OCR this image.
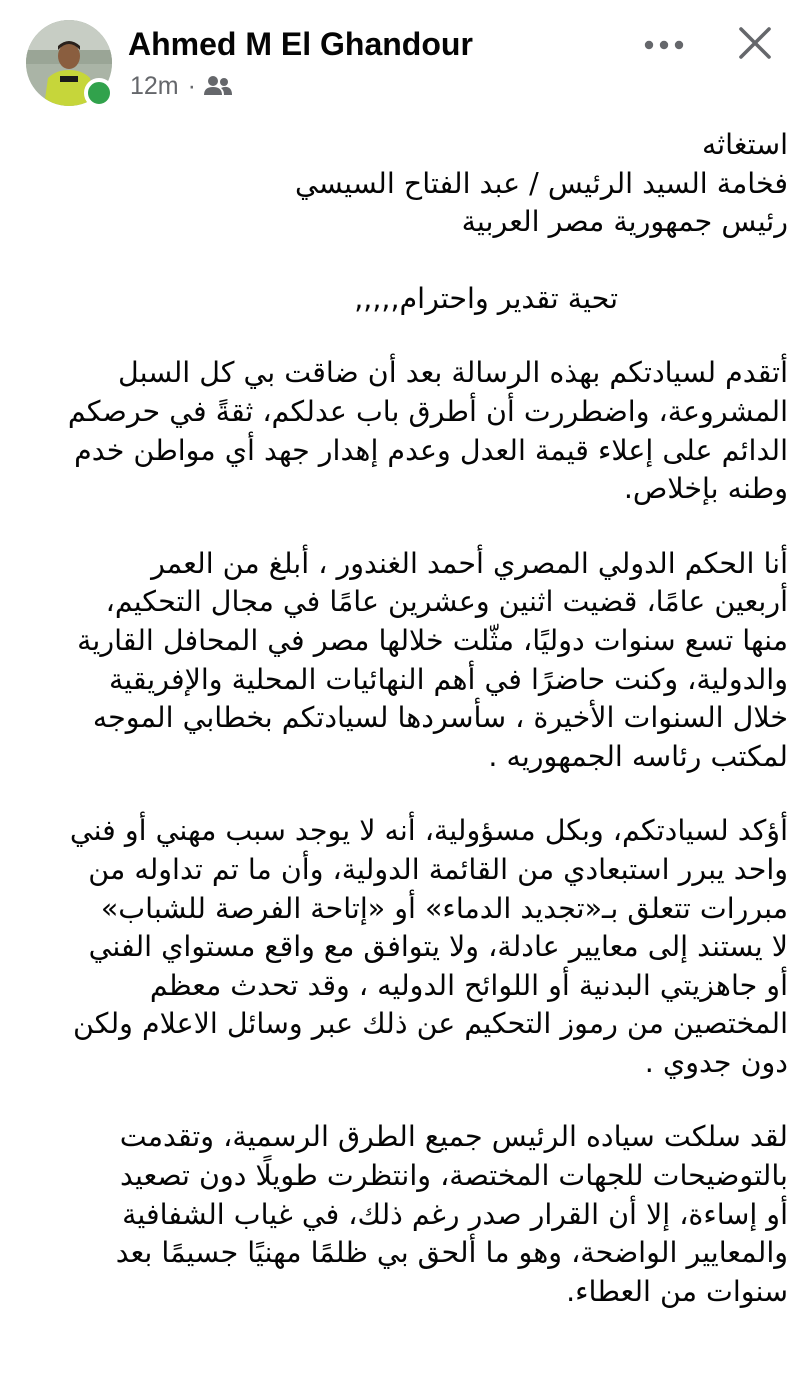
Ahmed M El Ghandour
12m ·

استغاثه
فخامة السيد الرئيس / عبد الفتاح السيسي
رئيس جمهورية مصر العربية

تحية تقدير واحترام,,,,,

أتقدم لسيادتكم بهذه الرسالة بعد أن ضاقت بي كل السبل
المشروعة، واضطررت أن أطرق باب عدلكم، ثقةً في حرصكم
الدائم على إعلاء قيمة العدل وعدم إهدار جهد أي مواطن خدم
وطنه بإخلاص.

أنا الحكم الدولي المصري أحمد الغندور ، أبلغ من العمر
أربعين عامًا، قضيت اثنين وعشرين عامًا في مجال التحكيم،
منها تسع سنوات دوليًا، مثّلت خلالها مصر في المحافل القارية
والدولية، وكنت حاضرًا في أهم النهائيات المحلية والإفريقية
خلال السنوات الأخيرة ، سأسردها لسيادتكم بخطابي الموجه
لمكتب رئاسه الجمهوريه .

أؤكد لسيادتكم، وبكل مسؤولية، أنه لا يوجد سبب مهني أو فني
واحد يبرر استبعادي من القائمة الدولية، وأن ما تم تداوله من
مبررات تتعلق بـ«تجديد الدماء» أو «إتاحة الفرصة للشباب»
لا يستند إلى معايير عادلة، ولا يتوافق مع واقع مستواي الفني
أو جاهزيتي البدنية أو اللوائح الدوليه ، وقد تحدث معظم
المختصين من رموز التحكيم عن ذلك عبر وسائل الاعلام ولكن
دون جدوي .

لقد سلكت سياده الرئيس جميع الطرق الرسمية، وتقدمت
بالتوضيحات للجهات المختصة، وانتظرت طويلًا دون تصعيد
أو إساءة، إلا أن القرار صدر رغم ذلك، في غياب الشفافية
والمعايير الواضحة، وهو ما ألحق بي ظلمًا مهنيًا جسيمًا بعد
سنوات من العطاء.
